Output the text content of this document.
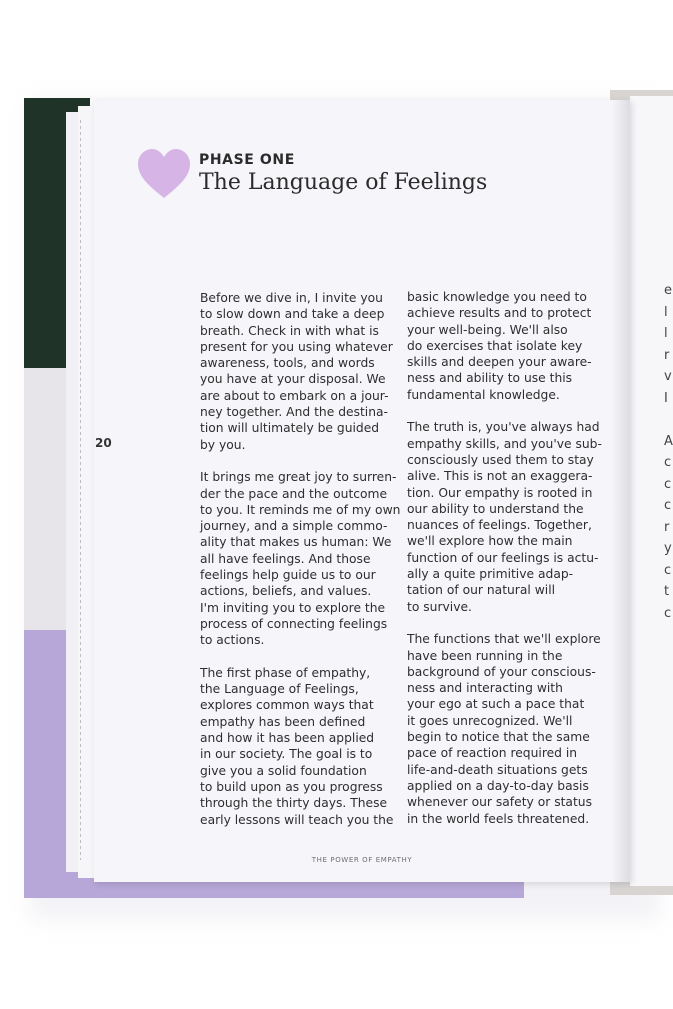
e
l
l
r
v
I

A
c
c
c
r
y
c
t
c
PHASE ONE
The Language of Feelings
20

Before we dive in, I invite you
to slow down and take a deep
breath. Check in with what is
present for you using whatever
awareness, tools, and words
you have at your disposal. We
are about to embark on a jour-
ney together. And the destina-
tion will ultimately be guided
by you.

It brings me great joy to surren-
der the pace and the outcome
to you. It reminds me of my own
journey, and a simple commo-
ality that makes us human: We
all have feelings. And those
feelings help guide us to our
actions, beliefs, and values.
I'm inviting you to explore the
process of connecting feelings
to actions.

The first phase of empathy,
the Language of Feelings,
explores common ways that
empathy has been defined
and how it has been applied
in our society. The goal is to
give you a solid foundation
to build upon as you progress
through the thirty days. These
early lessons will teach you the

basic knowledge you need to
achieve results and to protect
your well-being. We'll also
do exercises that isolate key
skills and deepen your aware-
ness and ability to use this
fundamental knowledge.

The truth is, you've always had
empathy skills, and you've sub-
consciously used them to stay
alive. This is not an exaggera-
tion. Our empathy is rooted in
our ability to understand the
nuances of feelings. Together,
we'll explore how the main
function of our feelings is actu-
ally a quite primitive adap-
tation of our natural will
to survive.

The functions that we'll explore
have been running in the
background of your conscious-
ness and interacting with
your ego at such a pace that
it goes unrecognized. We'll
begin to notice that the same
pace of reaction required in
life-and-death situations gets
applied on a day-to-day basis
whenever our safety or status
in the world feels threatened.

THE POWER OF EMPATHY
